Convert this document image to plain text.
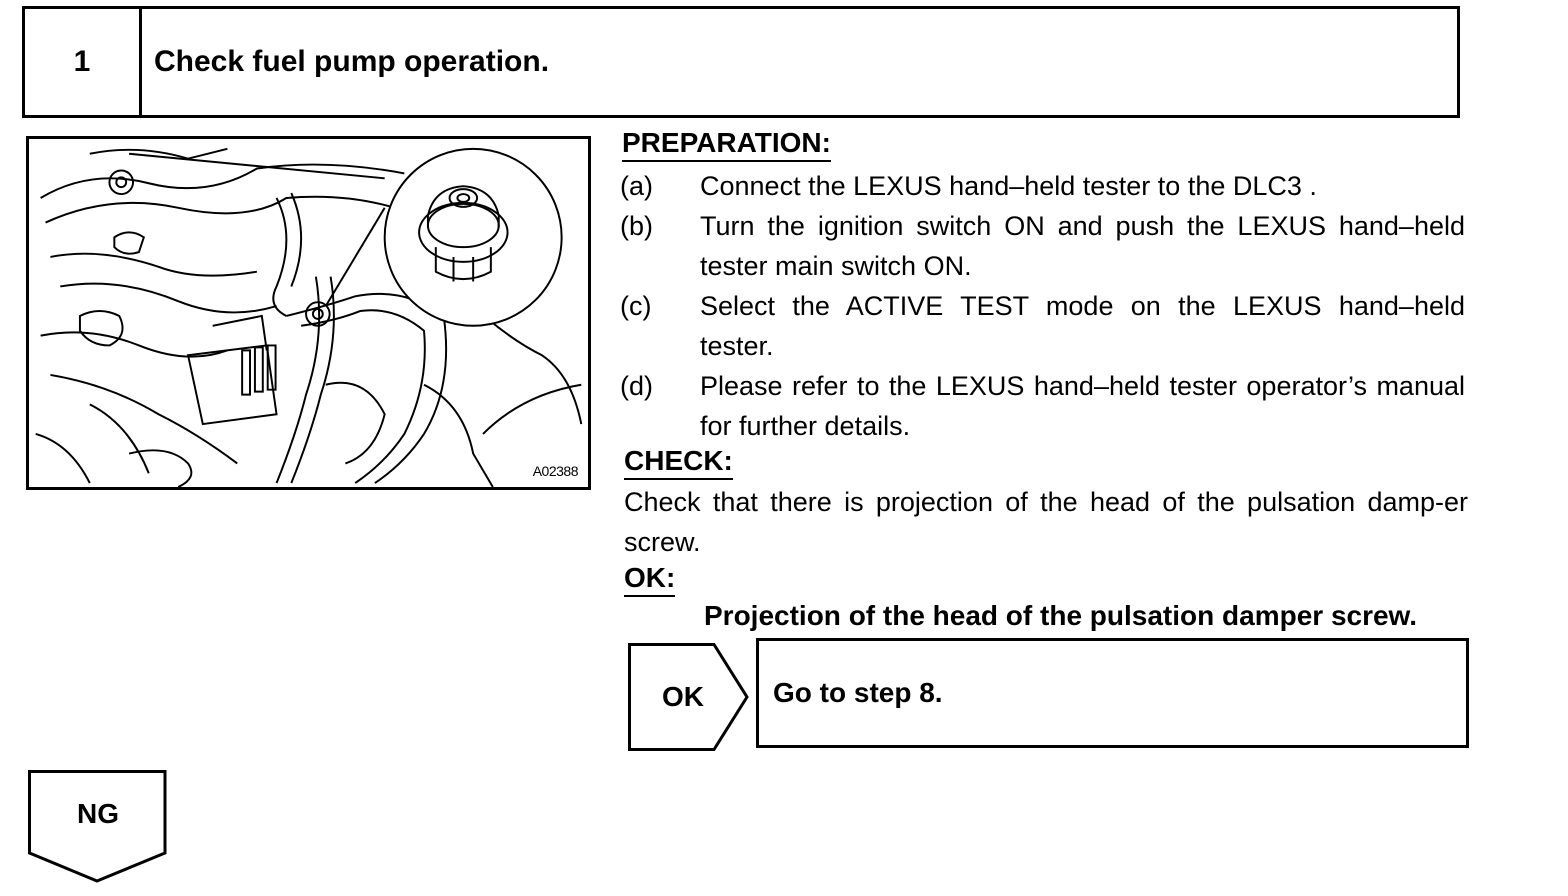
1	Check fuel pump operation.
A02388
PREPARATION:
(a) Connect the LEXUS hand–held tester to the DLC3 .
(b) Turn the ignition switch ON and push the LEXUS hand–held tester main switch ON.
(c) Select the ACTIVE TEST mode on the LEXUS hand–held tester.
(d) Please refer to the LEXUS hand–held tester operator’s manual for further details.
CHECK:
Check that there is projection of the head of the pulsation damp-er screw.
OK:
Projection of the head of the pulsation damper screw.
OK	Go to step 8.
NG
